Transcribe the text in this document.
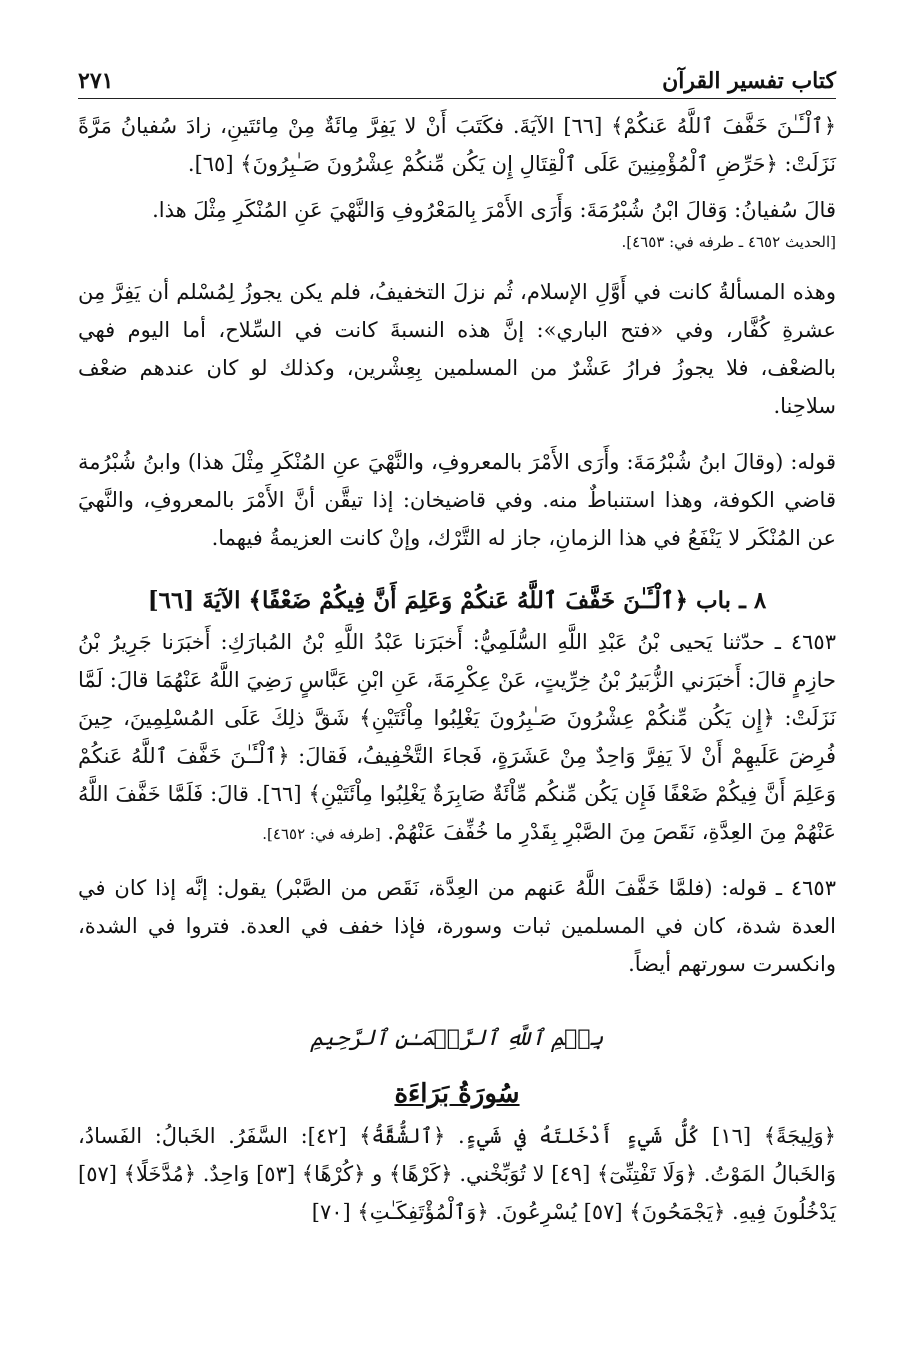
كتاب تفسير القرآن
٢٧١

﴿ٱلْـَٔـٰنَ خَفَّفَ ٱللَّهُ عَنكُمْ﴾ [٦٦] الآيَةَ. فكَتَبَ أَنْ لا يَفِرَّ مِائَةٌ مِنْ مِائتَينِ، زادَ سُفيانُ مَرَّةً نَزَلَتْ: ﴿حَرِّضِ ٱلْمُؤْمِنِينَ عَلَى ٱلْقِتَالِ إِن يَكُن مِّنكُمْ عِشْرُونَ صَـٰبِرُونَ﴾ [٦٥].

قالَ سُفيانُ: وَقالَ ابْنُ شُبْرُمَةَ: وَأَرَى الأَمْرَ بِالمَعْرُوفِ وَالنَّهْيَ عَنِ المُنْكَرِ مِثْلَ هذا.

[الحديث ٤٦٥٢ ـ طرفه في: ٤٦٥٣].

وهذه المسألةُ كانت في أَوَّلِ الإسلام، ثُم نزلَ التخفيفُ، فلم يكن يجوزُ لِمُسْلم أن يَفِرَّ مِن عشرةِ كُفَّار، وفي «فتح الباري»: إنَّ هذه النسبةَ كانت في السِّلاح، أما اليوم فهي بالضعْف، فلا يجوزُ فرارُ عَشْرٌ من المسلمين بِعِشْرين، وكذلك لو كان عندهم ضعْف سلاحِنا.

قوله: (وقالَ ابنُ شُبْرُمَةَ: وأَرَى الأَمْرَ بالمعروفِ، والنَّهْيَ عنِ المُنْكَرِ مِثْلَ هذا) وابنُ شُبْرُمة قاضي الكوفة، وهذا استنباطٌ منه. وفي قاضيخان: إذا تيقَّن أنَّ الأَمْرَ بالمعروفِ، والنَّهيَ عن المُنْكَر لا يَنْفَعُ في هذا الزمانِ، جاز له التَّرْك، وإنْ كانت العزيمةُ فيهما.

٨ ـ باب ﴿ٱلْـَٔـٰنَ خَفَّفَ ٱللَّهُ عَنكُمْ وَعَلِمَ أَنَّ فِيكُمْ ضَعْفًا﴾ الآيَةَ [٦٦]

٤٦٥٣ ـ حدّثنا يَحيى بْنُ عَبْدِ اللَّهِ السُّلَمِيُّ: أَخبَرَنا عَبْدُ اللَّهِ بْنُ المُبارَكِ: أَخبَرَنا جَرِيرُ بْنُ حازِمٍ قالَ: أَخبَرَني الزُّبَيرُ بْنُ خِرِّيتٍ، عَنْ عِكْرِمَةَ، عَنِ ابْنِ عَبَّاسٍ رَضِيَ اللَّهُ عَنْهُمَا قالَ: لَمَّا نَزَلَتْ: ﴿إِن يَكُن مِّنكُمْ عِشْرُونَ صَـٰبِرُونَ يَغْلِبُوا مِاْئَتَيْنِ﴾ شَقَّ ذلِكَ عَلَى المُسْلِمِينَ، حِينَ فُرِضَ عَلَيهِمْ أَنْ لاَ يَفِرَّ وَاحِدٌ مِنْ عَشَرَةٍ، فَجاءَ التَّخْفِيفُ، فَقالَ: ﴿ٱلْـَٔـٰنَ خَفَّفَ ٱللَّهُ عَنكُمْ وَعَلِمَ أَنَّ فِيكُمْ ضَعْفًا فَإِن يَكُن مِّنكُم مِّاْئَةٌ صَابِرَةٌ يَغْلِبُوا مِاْئَتَيْنِ﴾ [٦٦]. قالَ: فَلَمَّا خَفَّفَ اللَّهُ عَنْهُمْ مِنَ العِدَّةِ، نَقَصَ مِنَ الصَّبْرِ بِقَدْرِ ما خُفِّفَ عَنْهُمْ. [طرفه في: ٤٦٥٢].

٤٦٥٣ ـ قوله: (فلمَّا خَفَّفَ اللَّهُ عَنهم من العِدَّة، نَقَص من الصَّبْر) يقول: إنَّه إذا كان في العدة شدة، كان في المسلمين ثبات وسورة، فإذا خفف في العدة. فتروا في الشدة، وانكسرت سورتهم أيضاً.

بِسۡمِ ٱللَّهِ ٱلرَّحۡمَـٰنِ ٱلرَّحِيمِ
سُورَةُ بَرَاءَة

﴿وَلِيجَةً﴾ [١٦] كُلُّ شَيءٍ أَدْخَلتَهُ في شَيءٍ. ﴿ٱلشُّقَّةُ﴾ [٤٢]: السَّفَرُ. الخَبالُ: الفَسادُ، وَالخَبالُ المَوْتُ. ﴿وَلَا تَفْتِنِّىٓ﴾ [٤٩] لا تُوَبِّخْني. ﴿كَرْهًا﴾ و ﴿كُرْهًا﴾ [٥٣] وَاحِدٌ. ﴿مُدَّخَلًا﴾ [٥٧] يَدْخُلُونَ فِيهِ. ﴿يَجْمَحُونَ﴾ [٥٧] يُسْرِعُونَ. ﴿وَٱلْمُؤْتَفِكَـٰتِ﴾ [٧٠]
